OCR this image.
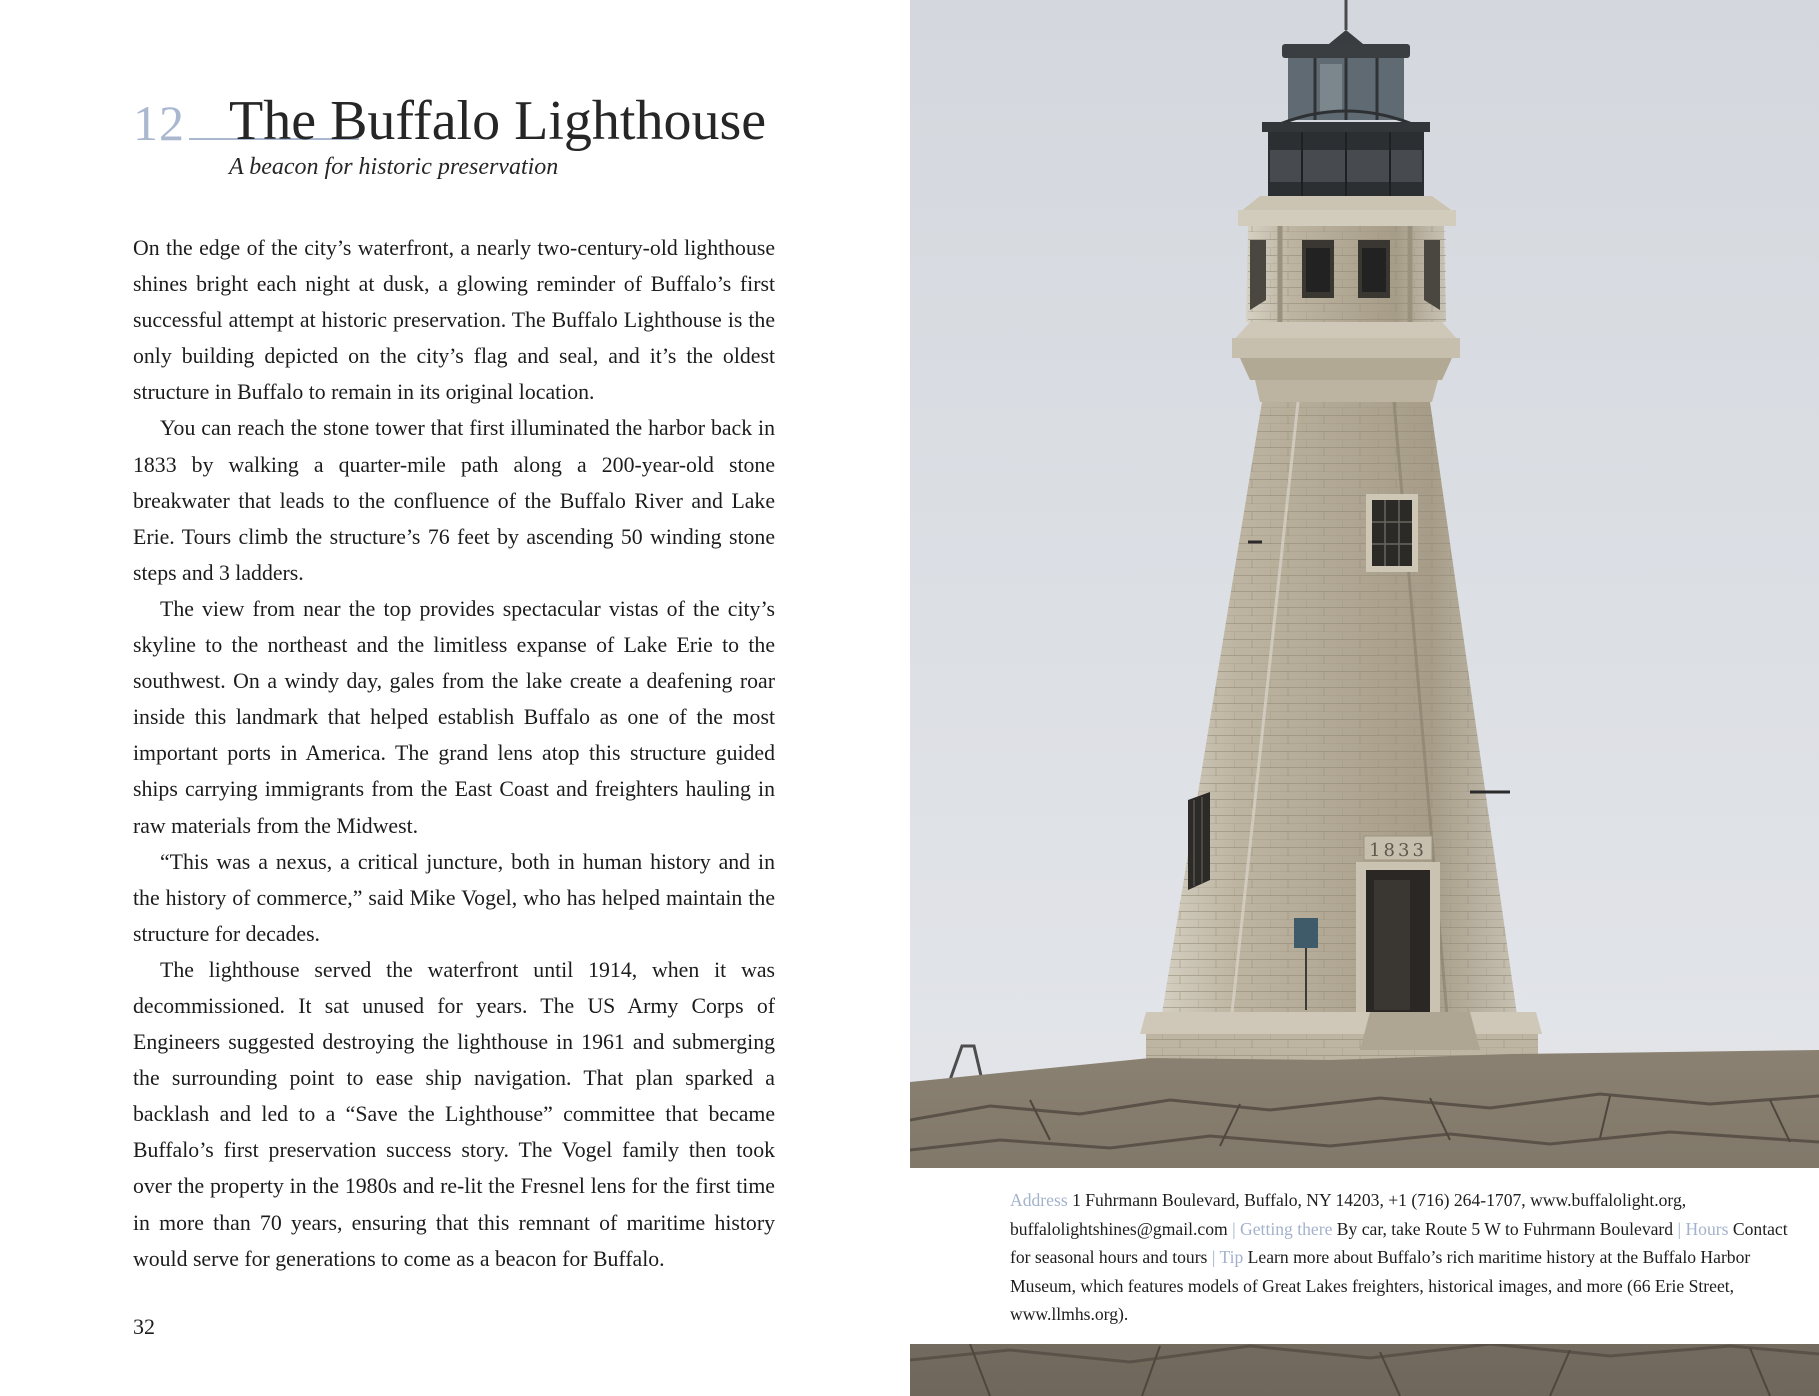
12 The Buffalo Lighthouse
A beacon for historic preservation

On the edge of the city’s waterfront, a nearly two-century-old lighthouse shines bright each night at dusk, a glowing reminder of Buffalo’s first successful attempt at historic preservation. The Buffalo Lighthouse is the only building depicted on the city’s flag and seal, and it’s the oldest structure in Buffalo to remain in its original location.

You can reach the stone tower that first illuminated the harbor back in 1833 by walking a quarter-mile path along a 200-year-old stone breakwater that leads to the confluence of the Buffalo River and Lake Erie. Tours climb the structure’s 76 feet by ascending 50 winding stone steps and 3 ladders.

The view from near the top provides spectacular vistas of the city’s skyline to the northeast and the limitless expanse of Lake Erie to the southwest. On a windy day, gales from the lake create a deafening roar inside this landmark that helped establish Buffalo as one of the most important ports in America. The grand lens atop this structure guided ships carrying immigrants from the East Coast and freighters hauling in raw materials from the Midwest.

“This was a nexus, a critical juncture, both in human history and in the history of commerce,” said Mike Vogel, who has helped maintain the structure for decades.

The lighthouse served the waterfront until 1914, when it was decommissioned. It sat unused for years. The US Army Corps of Engineers suggested destroying the lighthouse in 1961 and submerging the surrounding point to ease ship navigation. That plan sparked a backlash and led to a “Save the Lighthouse” committee that became Buffalo’s first preservation success story. The Vogel family then took over the property in the 1980s and re-lit the Fresnel lens for the first time in more than 70 years, ensuring that this remnant of maritime history would serve for generations to come as a beacon for Buffalo.

32
1833
Address 1 Fuhrmann Boulevard, Buffalo, NY 14203, +1 (716) 264-1707, www.buffalolight.org, buffalolightshines@gmail.com | Getting there By car, take Route 5 W to Fuhrmann Boulevard | Hours Contact for seasonal hours and tours | Tip Learn more about Buffalo’s rich maritime history at the Buffalo Harbor Museum, which features models of Great Lakes freighters, historical images, and more (66 Erie Street, www.llmhs.org).
